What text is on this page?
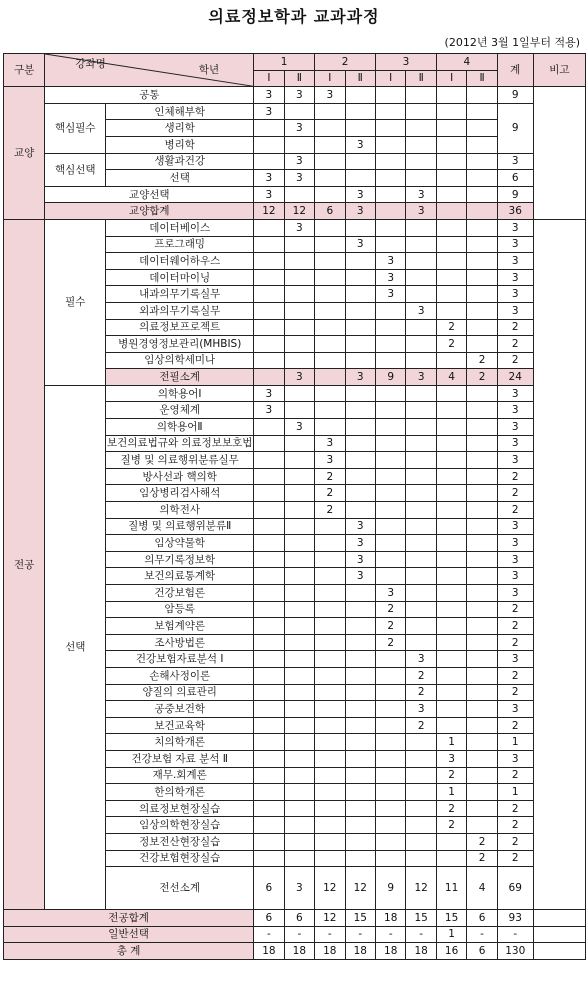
의료정보학과 교과과정
(2012년 3월 1일부터 적용)
구분	강좌명 학년		1		2		3		4		계	비고
			Ⅰ	Ⅱ	Ⅰ	Ⅱ	Ⅰ	Ⅱ	Ⅰ	Ⅱ		
교양	공통		3	3	3						9	
	핵심필수	인체해부학	3								9	
		생리학		3								
		병리학				3						
	핵심선택	생활과건강		3							3	
		선택	3	3							6	
	교양선택		3			3		3			9	
	교양합계		12	12	6	3		3			36	
전공	필수	데이터베이스		3							3	
		프로그래밍				3					3	
		데이터웨어하우스					3				3	
		데이터마이닝					3				3	
		내과의무기록실무					3				3	
		외과의무기록실무						3			3	
		의료정보프로젝트							2		2	
		병원경영정보관리(MHBIS)							2		2	
		임상의학세미나								2	2	
		전필소계		3		3	9	3	4	2	24	
	선택	의학용어Ⅰ	3								3	
		운영체계	3								3	
		의학용어Ⅱ		3							3	
		보건의료법규와 의료정보보호법			3						3	
		질병 및 의료행위분류실무			3						3	
		방사선과 핵의학			2						2	
		임상병리검사해석			2						2	
		의학전사			2						2	
		질병 및 의료행위분류Ⅱ				3					3	
		임상약물학				3					3	
		의무기록정보학				3					3	
		보건의료통계학				3					3	
		건강보험론					3				3	
		암등록					2				2	
		보험계약론					2				2	
		조사방법론					2				2	
		건강보험자료분석 Ⅰ						3			3	
		손해사정이론						2			2	
		양질의 의료관리						2			2	
		공중보건학						3			3	
		보건교육학						2			2	
		치의학개론							1		1	
		건강보험 자료 분석 Ⅱ							3		3	
		재무.회계론							2		2	
		한의학개론							1		1	
		의료정보현장실습							2		2	
		임상의학현장실습							2		2	
		정보전산현장실습								2	2	
		건강보험현장실습								2	2	
		전선소계	6	3	12	12	9	12	11	4	69	
전공합계			6	6	12	15	18	15	15	6	93	
일반선택			-	-	-	-	-	-	1	-	-	
총 계			18	18	18	18	18	18	16	6	130	
